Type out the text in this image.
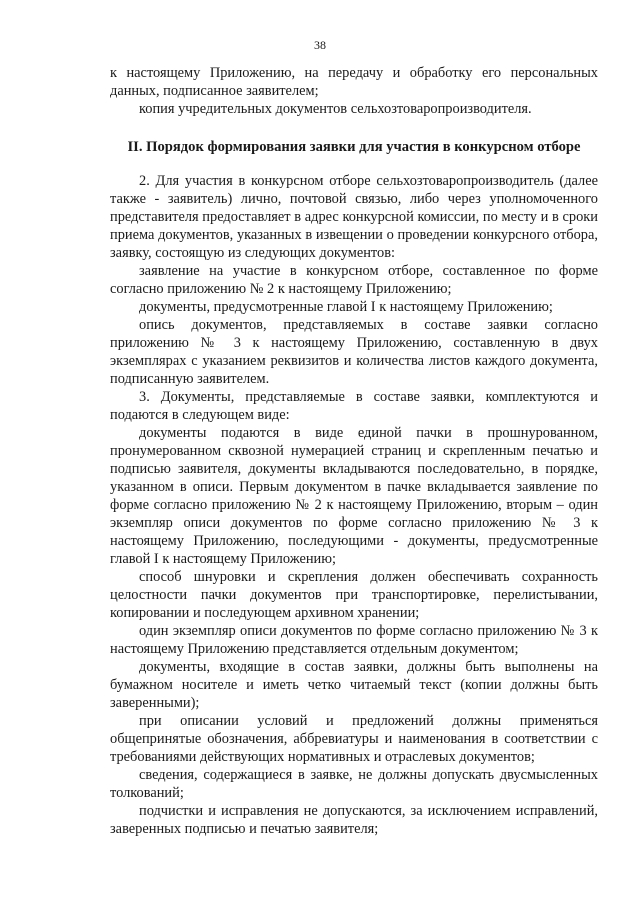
38

к настоящему Приложению, на передачу и обработку его персональных данных, подписанное заявителем;

копия учредительных документов сельхозтоваропроизводителя.

II. Порядок формирования заявки для участия в конкурсном отборе

2. Для участия в конкурсном отборе сельхозтоваропроизводитель (далее также - заявитель) лично, почтовой связью, либо через уполномоченного представителя предоставляет в адрес конкурсной комиссии, по месту и в сроки приема документов, указанных в извещении о проведении конкурсного отбора, заявку, состоящую из следующих документов:

заявление на участие в конкурсном отборе, составленное по форме согласно приложению № 2 к настоящему Приложению;

документы, предусмотренные главой I к настоящему Приложению;

опись документов, представляемых в составе заявки согласно приложению № 3 к настоящему Приложению, составленную в двух экземплярах с указанием реквизитов и количества листов каждого документа, подписанную заявителем.

3. Документы, представляемые в составе заявки, комплектуются и подаются в следующем виде:

документы подаются в виде единой пачки в прошнурованном, пронумерованном сквозной нумерацией страниц и скрепленным печатью и подписью заявителя, документы вкладываются последовательно, в порядке, указанном в описи. Первым документом в пачке вкладывается заявление по форме согласно приложению № 2 к настоящему Приложению, вторым – один экземпляр описи документов по форме согласно приложению № 3 к настоящему Приложению, последующими - документы, предусмотренные главой I к настоящему Приложению;

способ шнуровки и скрепления должен обеспечивать сохранность целостности пачки документов при транспортировке, перелистывании, копировании и последующем архивном хранении;

один экземпляр описи документов по форме согласно приложению № 3 к настоящему Приложению представляется отдельным документом;

документы, входящие в состав заявки, должны быть выполнены на бумажном носителе и иметь четко читаемый текст (копии должны быть заверенными);

при описании условий и предложений должны применяться общепринятые обозначения, аббревиатуры и наименования в соответствии с требованиями действующих нормативных и отраслевых документов;

сведения, содержащиеся в заявке, не должны допускать двусмысленных толкований;

подчистки и исправления не допускаются, за исключением исправлений, заверенных подписью и печатью заявителя;
